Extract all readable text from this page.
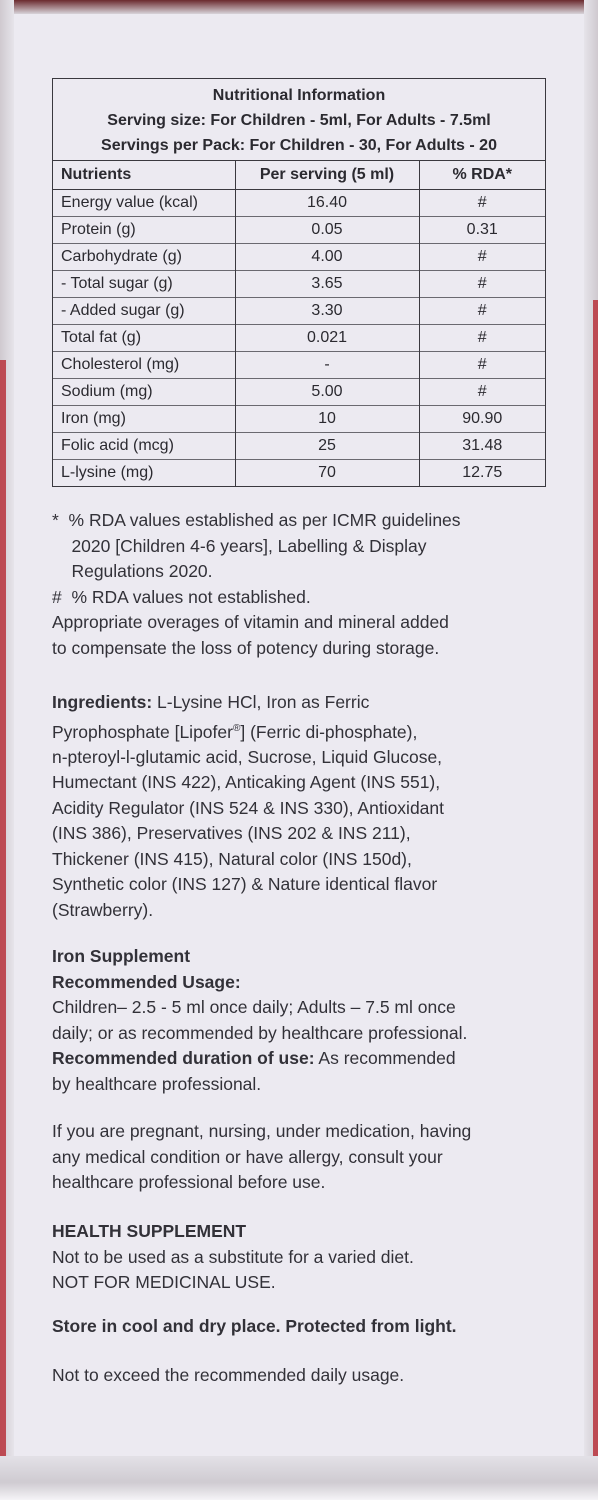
Nutritional Information
Serving size: For Children - 5ml, For Adults - 7.5ml
Servings per Pack: For Children - 30, For Adults - 20
Nutrients	Per serving (5 ml)	% RDA*
Energy value (kcal)	16.40	#
Protein (g)	0.05	0.31
Carbohydrate (g)	4.00	#
- Total sugar (g)	3.65	#
- Added sugar (g)	3.30	#
Total fat (g)	0.021	#
Cholesterol (mg)	-	#
Sodium (mg)	5.00	#
Iron (mg)	10	90.90
Folic acid (mcg)	25	31.48
L-lysine (mg)	70	12.75
*  % RDA values established as per ICMR guidelines
2020 [Children 4-6 years], Labelling & Display
Regulations 2020.
#  % RDA values not established.
Appropriate overages of vitamin and mineral added
to compensate the loss of potency during storage.
Ingredients: L-Lysine HCl, Iron as Ferric
Pyrophosphate [Lipofer®] (Ferric di-phosphate),
n-pteroyl-l-glutamic acid, Sucrose, Liquid Glucose,
Humectant (INS 422), Anticaking Agent (INS 551),
Acidity Regulator (INS 524 & INS 330), Antioxidant
(INS 386), Preservatives (INS 202 & INS 211),
Thickener (INS 415), Natural color (INS 150d),
Synthetic color (INS 127) & Nature identical flavor
(Strawberry).
Iron Supplement
Recommended Usage:
Children– 2.5 - 5 ml once daily; Adults – 7.5 ml once
daily; or as recommended by healthcare professional.
Recommended duration of use: As recommended
by healthcare professional.
If you are pregnant, nursing, under medication, having
any medical condition or have allergy, consult your
healthcare professional before use.
HEALTH SUPPLEMENT
Not to be used as a substitute for a varied diet.
NOT FOR MEDICINAL USE.
Store in cool and dry place. Protected from light.
Not to exceed the recommended daily usage.
